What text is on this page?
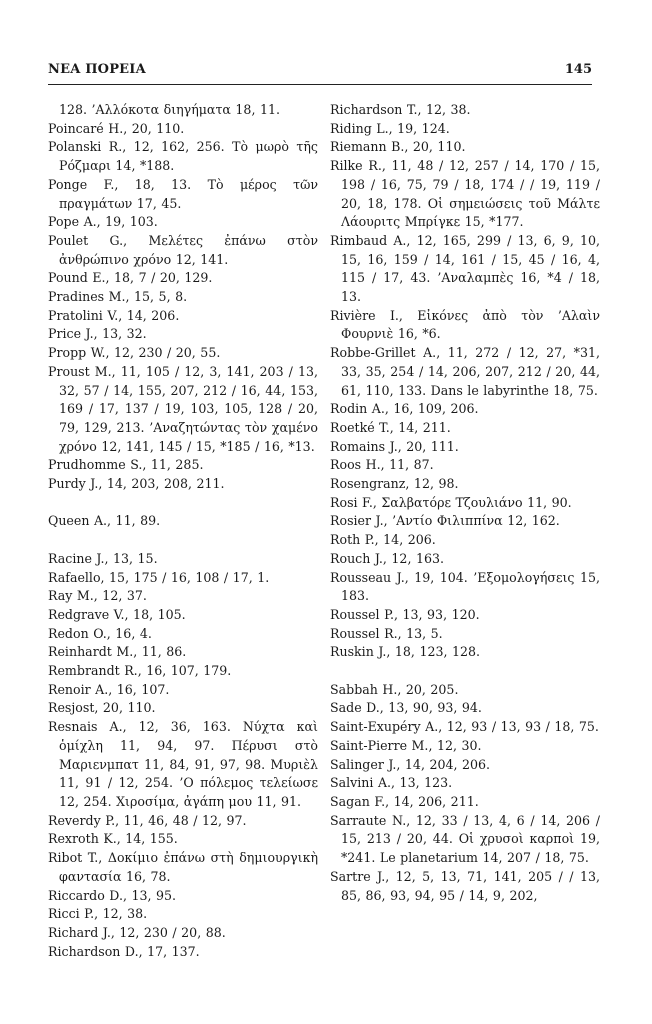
ΝΕΑ ΠΟΡΕΙΑ	145
128. ’Αλλόκοτα διηγήματα 18, 11.
Poincaré H., 20, 110.
Polanski R., 12, 162, 256. Τὸ μωρὸ τῆς Ρόζμαρι 14, *188.
Ponge F., 18, 13. Τὸ μέρος τῶν πραγμάτων 17, 45.
Pope A., 19, 103.
Poulet G., Μελέτες ἐπάνω στὸν ἀνθρώπινο χρόνο 12, 141.
Pound E., 18, 7 / 20, 129.
Pradines M., 15, 5, 8.
Pratolini V., 14, 206.
Price J., 13, 32.
Propp W., 12, 230 / 20, 55.
Proust M., 11, 105 / 12, 3, 141, 203 / 13, 32, 57 / 14, 155, 207, 212 / 16, 44, 153, 169 / 17, 137 / 19, 103, 105, 128 / 20, 79, 129, 213. ’Αναζητώντας τὸν χαμένο χρόνο 12, 141, 145 / 15, *185 / 16, *13.
Prudhomme S., 11, 285.
Purdy J., 14, 203, 208, 211.
Queen A., 11, 89.
Racine J., 13, 15.
Rafaello, 15, 175 / 16, 108 / 17, 1.
Ray M., 12, 37.
Redgrave V., 18, 105.
Redon O., 16, 4.
Reinhardt M., 11, 86.
Rembrandt R., 16, 107, 179.
Renoir A., 16, 107.
Resjost, 20, 110.
Resnais A., 12, 36, 163. Νύχτα καὶ ὁμίχλη 11, 94, 97. Πέρυσι στὸ Μαριενμπατ 11, 84, 91, 97, 98. Μυριὲλ 11, 91 / 12, 254. ’Ο πόλεμος τελείωσε 12, 254. Χιροσίμα, ἀγάπη μου 11, 91.
Reverdy P., 11, 46, 48 / 12, 97.
Rexroth K., 14, 155.
Ribot T., Δοκίμιο ἐπάνω στὴ δημιουργικὴ φαντασία 16, 78.
Riccardo D., 13, 95.
Ricci P., 12, 38.
Richard J., 12, 230 / 20, 88.
Richardson D., 17, 137.
Richardson T., 12, 38.
Riding L., 19, 124.
Riemann B., 20, 110.
Rilke R., 11, 48 / 12, 257 / 14, 170 / 15, 198 / 16, 75, 79 / 18, 174 / / 19, 119 / 20, 18, 178. Οἱ σημειώσεις τοῦ Μάλτε Λάουριτς Μπρίγκε 15, *177.
Rimbaud A., 12, 165, 299 / 13, 6, 9, 10, 15, 16, 159 / 14, 161 / 15, 45 / 16, 4, 115 / 17, 43. ’Αναλαμπὲς 16, *4 / 18, 13.
Rivière I., Εἰκόνες ἀπὸ τὸν ’Αλαὶν Φουρνιὲ 16, *6.
Robbe-Grillet A., 11, 272 / 12, 27, *31, 33, 35, 254 / 14, 206, 207, 212 / 20, 44, 61, 110, 133. Dans le labyrinthe 18, 75.
Rodin A., 16, 109, 206.
Roetké T., 14, 211.
Romains J., 20, 111.
Roos H., 11, 87.
Rosengranz, 12, 98.
Rosi F., Σαλβατόρε Τζουλιάνο 11, 90.
Rosier J., ’Αντίο Φιλιππίνα 12, 162.
Roth P., 14, 206.
Rouch J., 12, 163.
Rousseau J., 19, 104. ’Εξομολογήσεις 15, 183.
Roussel P., 13, 93, 120.
Roussel R., 13, 5.
Ruskin J., 18, 123, 128.
Sabbah H., 20, 205.
Sade D., 13, 90, 93, 94.
Saint-Exupéry A., 12, 93 / 13, 93 / 18, 75.
Saint-Pierre M., 12, 30.
Salinger J., 14, 204, 206.
Salvini A., 13, 123.
Sagan F., 14, 206, 211.
Sarraute N., 12, 33 / 13, 4, 6 / 14, 206 / 15, 213 / 20, 44. Οἱ χρυσοὶ καρποὶ 19, *241. Le planetarium 14, 207 / 18, 75.
Sartre J., 12, 5, 13, 71, 141, 205 / / 13, 85, 86, 93, 94, 95 / 14, 9, 202,
